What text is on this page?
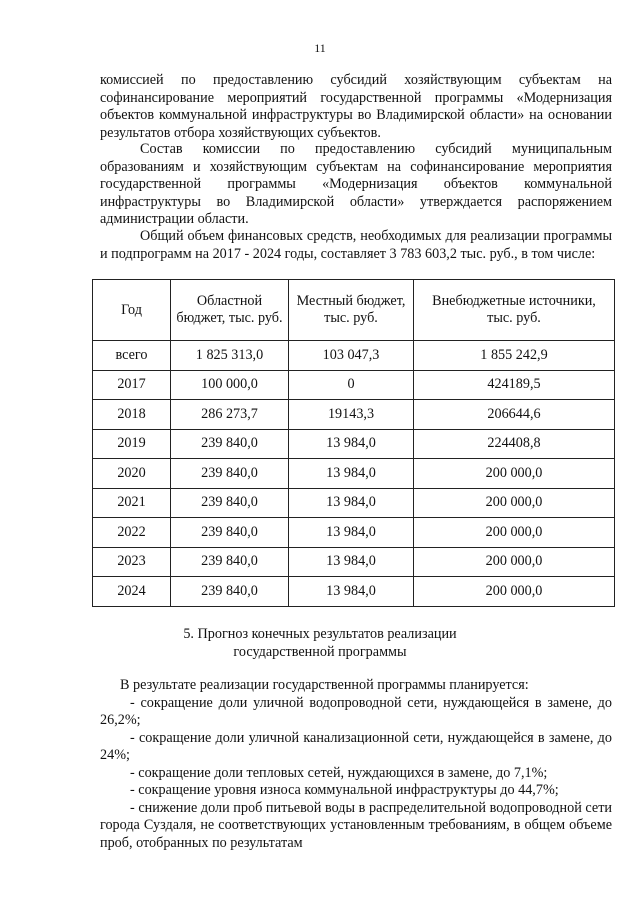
11

комиссией по предоставлению субсидий хозяйствующим субъектам на софинансирование мероприятий государственной программы «Модернизация объектов коммунальной инфраструктуры во Владимирской области» на основании результатов отбора хозяйствующих субъектов.

Состав комиссии по предоставлению субсидий муниципальным образованиям и хозяйствующим субъектам на софинансирование мероприятия государственной программы «Модернизация объектов коммунальной инфраструктуры во Владимирской области» утверждается распоряжением администрации области.

Общий объем финансовых средств, необходимых для реализации программы и подпрограмм на 2017 - 2024 годы, составляет 3 783 603,2 тыс. руб., в том числе:

Год	Областной бюджет, тыс. руб.	Местный бюджет, тыс. руб.	Внебюджетные источники, тыс. руб.
всего	1 825 313,0	103 047,3	1 855 242,9
2017	100 000,0	0	424189,5
2018	286 273,7	19143,3	206644,6
2019	239 840,0	13 984,0	224408,8
2020	239 840,0	13 984,0	200 000,0
2021	239 840,0	13 984,0	200 000,0
2022	239 840,0	13 984,0	200 000,0
2023	239 840,0	13 984,0	200 000,0
2024	239 840,0	13 984,0	200 000,0
5. Прогноз конечных результатов реализации
государственной программы

В результате реализации государственной программы планируется:

- сокращение доли уличной водопроводной сети, нуждающейся в замене, до 26,2%;

- сокращение доли уличной канализационной сети, нуждающейся в замене, до 24%;

- сокращение доли тепловых сетей, нуждающихся в замене, до 7,1%;

- сокращение уровня износа коммунальной инфраструктуры до 44,7%;

- снижение доли проб питьевой воды в распределительной водопроводной сети города Суздаля, не соответствующих установленным требованиям, в общем объеме проб, отобранных по результатам
